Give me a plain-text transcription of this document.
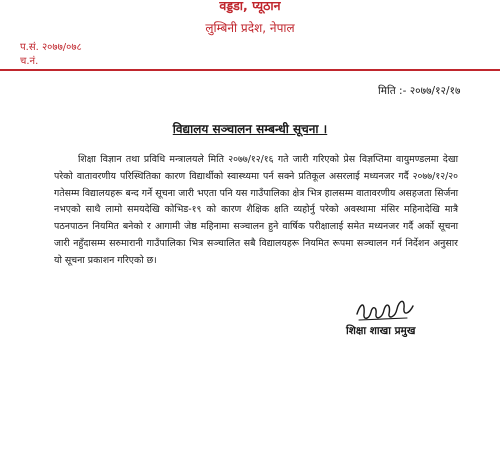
वड्डडा, प्यूठान
लुम्बिनी प्रदेश, नेपाल
प.सं. २०७७/०७८
च.नं.
मिति :- २०७७/१२/१७
विद्यालय सञ्चालन सम्बन्धी सूचना ।

शिक्षा विज्ञान तथा प्रविधि मन्त्रालयले मिति २०७७/१२/१६ गते जारी गरिएको प्रेस विज्ञप्तिमा वायुमण्डलमा देखा परेको वातावरणीय परिस्थितिका कारण विद्यार्थीको स्वास्थ्यमा पर्न सक्ने प्रतिकूल असरलाई मध्यनजर गर्दै २०७७/१२/२० गतेसम्म विद्यालयहरू बन्द गर्ने सूचना जारी भएता पनि यस गाउँपालिका क्षेत्र भित्र हालसम्म वातावरणीय असहजता सिर्जना नभएको साथै लामो समयदेखि कोभिड-१९ को कारण शैक्षिक क्षति व्यहोर्नु परेको अवस्थामा मंसिर महिनादेखि मात्रै पठनपाठन नियमित बनेको र आगामी जेष्ठ महिनामा सञ्चालन हुने वार्षिक परीक्षालाई समेत मध्यनजर गर्दै अर्को सूचना जारी नहुँदासम्म सरुमारानी गाउँपालिका भित्र सञ्चालित सबै विद्यालयहरू नियमित रूपमा सञ्चालन गर्न निर्देशन अनुसार यो सूचना प्रकाशन गरिएको छ।

शिक्षा शाखा प्रमुख
